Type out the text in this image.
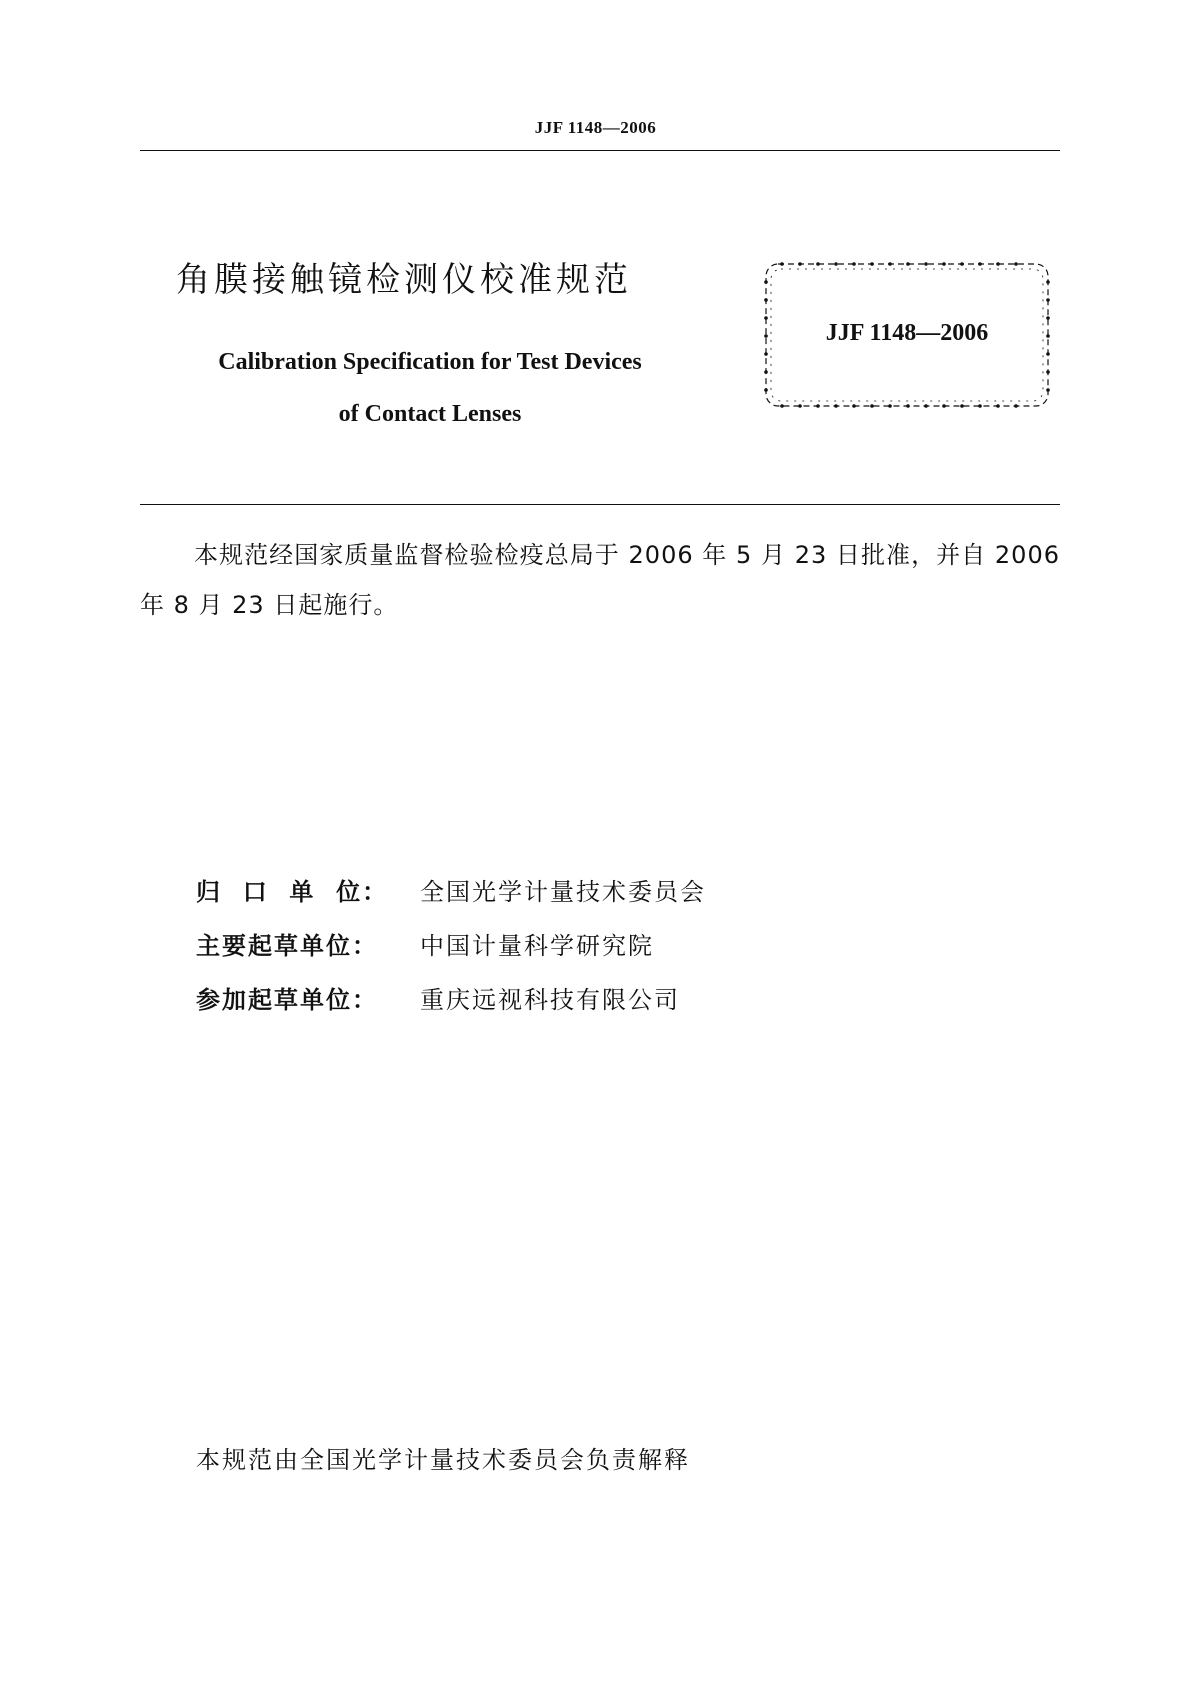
JJF 1148—2006
角膜接触镜检测仪校准规范
Calibration Specification for Test Devices
of Contact Lenses
JJF 1148—2006
本规范经国家质量监督检验检疫总局于 2006 年 5 月 23 日批准，并自 2006 年 8 月 23 日起施行。
归  口  单  位：	全国光学计量技术委员会
主要起草单位：	中国计量科学研究院
参加起草单位：	重庆远视科技有限公司
本规范由全国光学计量技术委员会负责解释
